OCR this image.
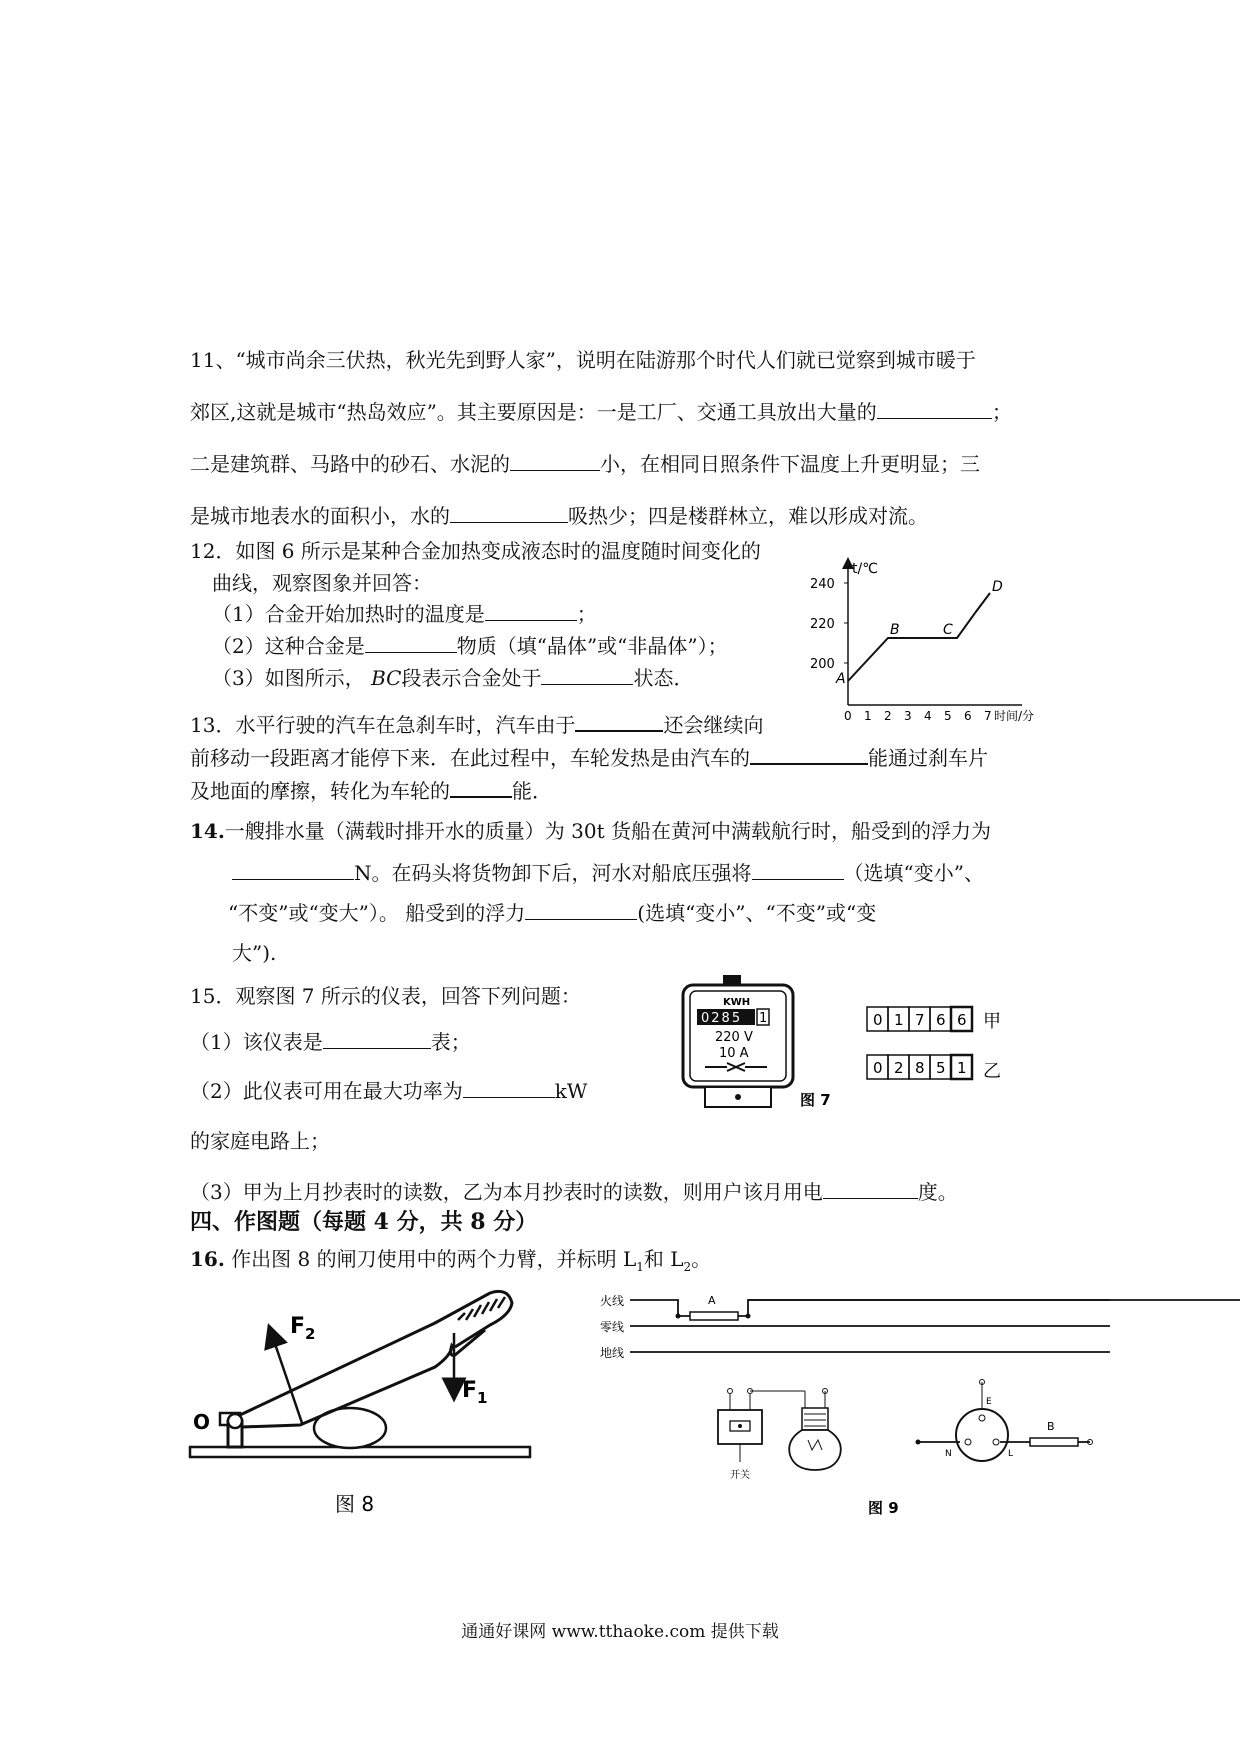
11、“城市尚余三伏热，秋光先到野人家”，说明在陆游那个时代人们就已觉察到城市暖于
郊区,这就是城市“热岛效应”。其主要原因是：一是工厂、交通工具放出大量的	；
二是建筑群、马路中的砂石、水泥的	小，在相同日照条件下温度上升更明显；三
是城市地表水的面积小，水的	吸热少；四是楼群林立，难以形成对流。
12．如图 6 所示是某种合金加热变成液态时的温度随时间变化的
曲线，观察图象并回答：
（1）合金开始加热时的温度是	；
（2）这种合金是	物质（填“晶体”或“非晶体”）；
（3）如图所示， BC段表示合金处于	状态．
t/℃
240
220
200
A
B	C
D
0 1 2 3 4 5 6 7 时间/分
13．水平行驶的汽车在急刹车时，汽车由于	还会继续向
前移动一段距离才能停下来．在此过程中，车轮发热是由汽车的	能通过刹车片
及地面的摩擦，转化为车轮的	能．
14.一艘排水量（满载时排开水的质量）为 30t 货船在黄河中满载航行时，船受到的浮力为
N。在码头将货物卸下后，河水对船底压强将	（选填“变小”、
“不变”或“变大”）。 船受到的浮力	(选填“变小”、“不变”或“变
大”).
15．观察图 7 所示的仪表，回答下列问题：
（1）该仪表是	表；
（2）此仪表可用在最大功率为	kW
的家庭电路上；
（3）甲为上月抄表时的读数，乙为本月抄表时的读数，则用户该月用电	度。
KWH
0285 1
220 V
10 A
图 7
0 1 7 6 6 甲
0 2 8 5 1 乙
四、作图题（每题 4 分，共 8 分）
16. 作出图 8 的闸刀使用中的两个力臂，并标明 $L_1$和 $L_2$。
O
$F_2$
$F_1$
图 8
火线
零线
地线
A
开关
E
N	L
B
图 9
通通好课网 www.tthaoke.com 提供下载
